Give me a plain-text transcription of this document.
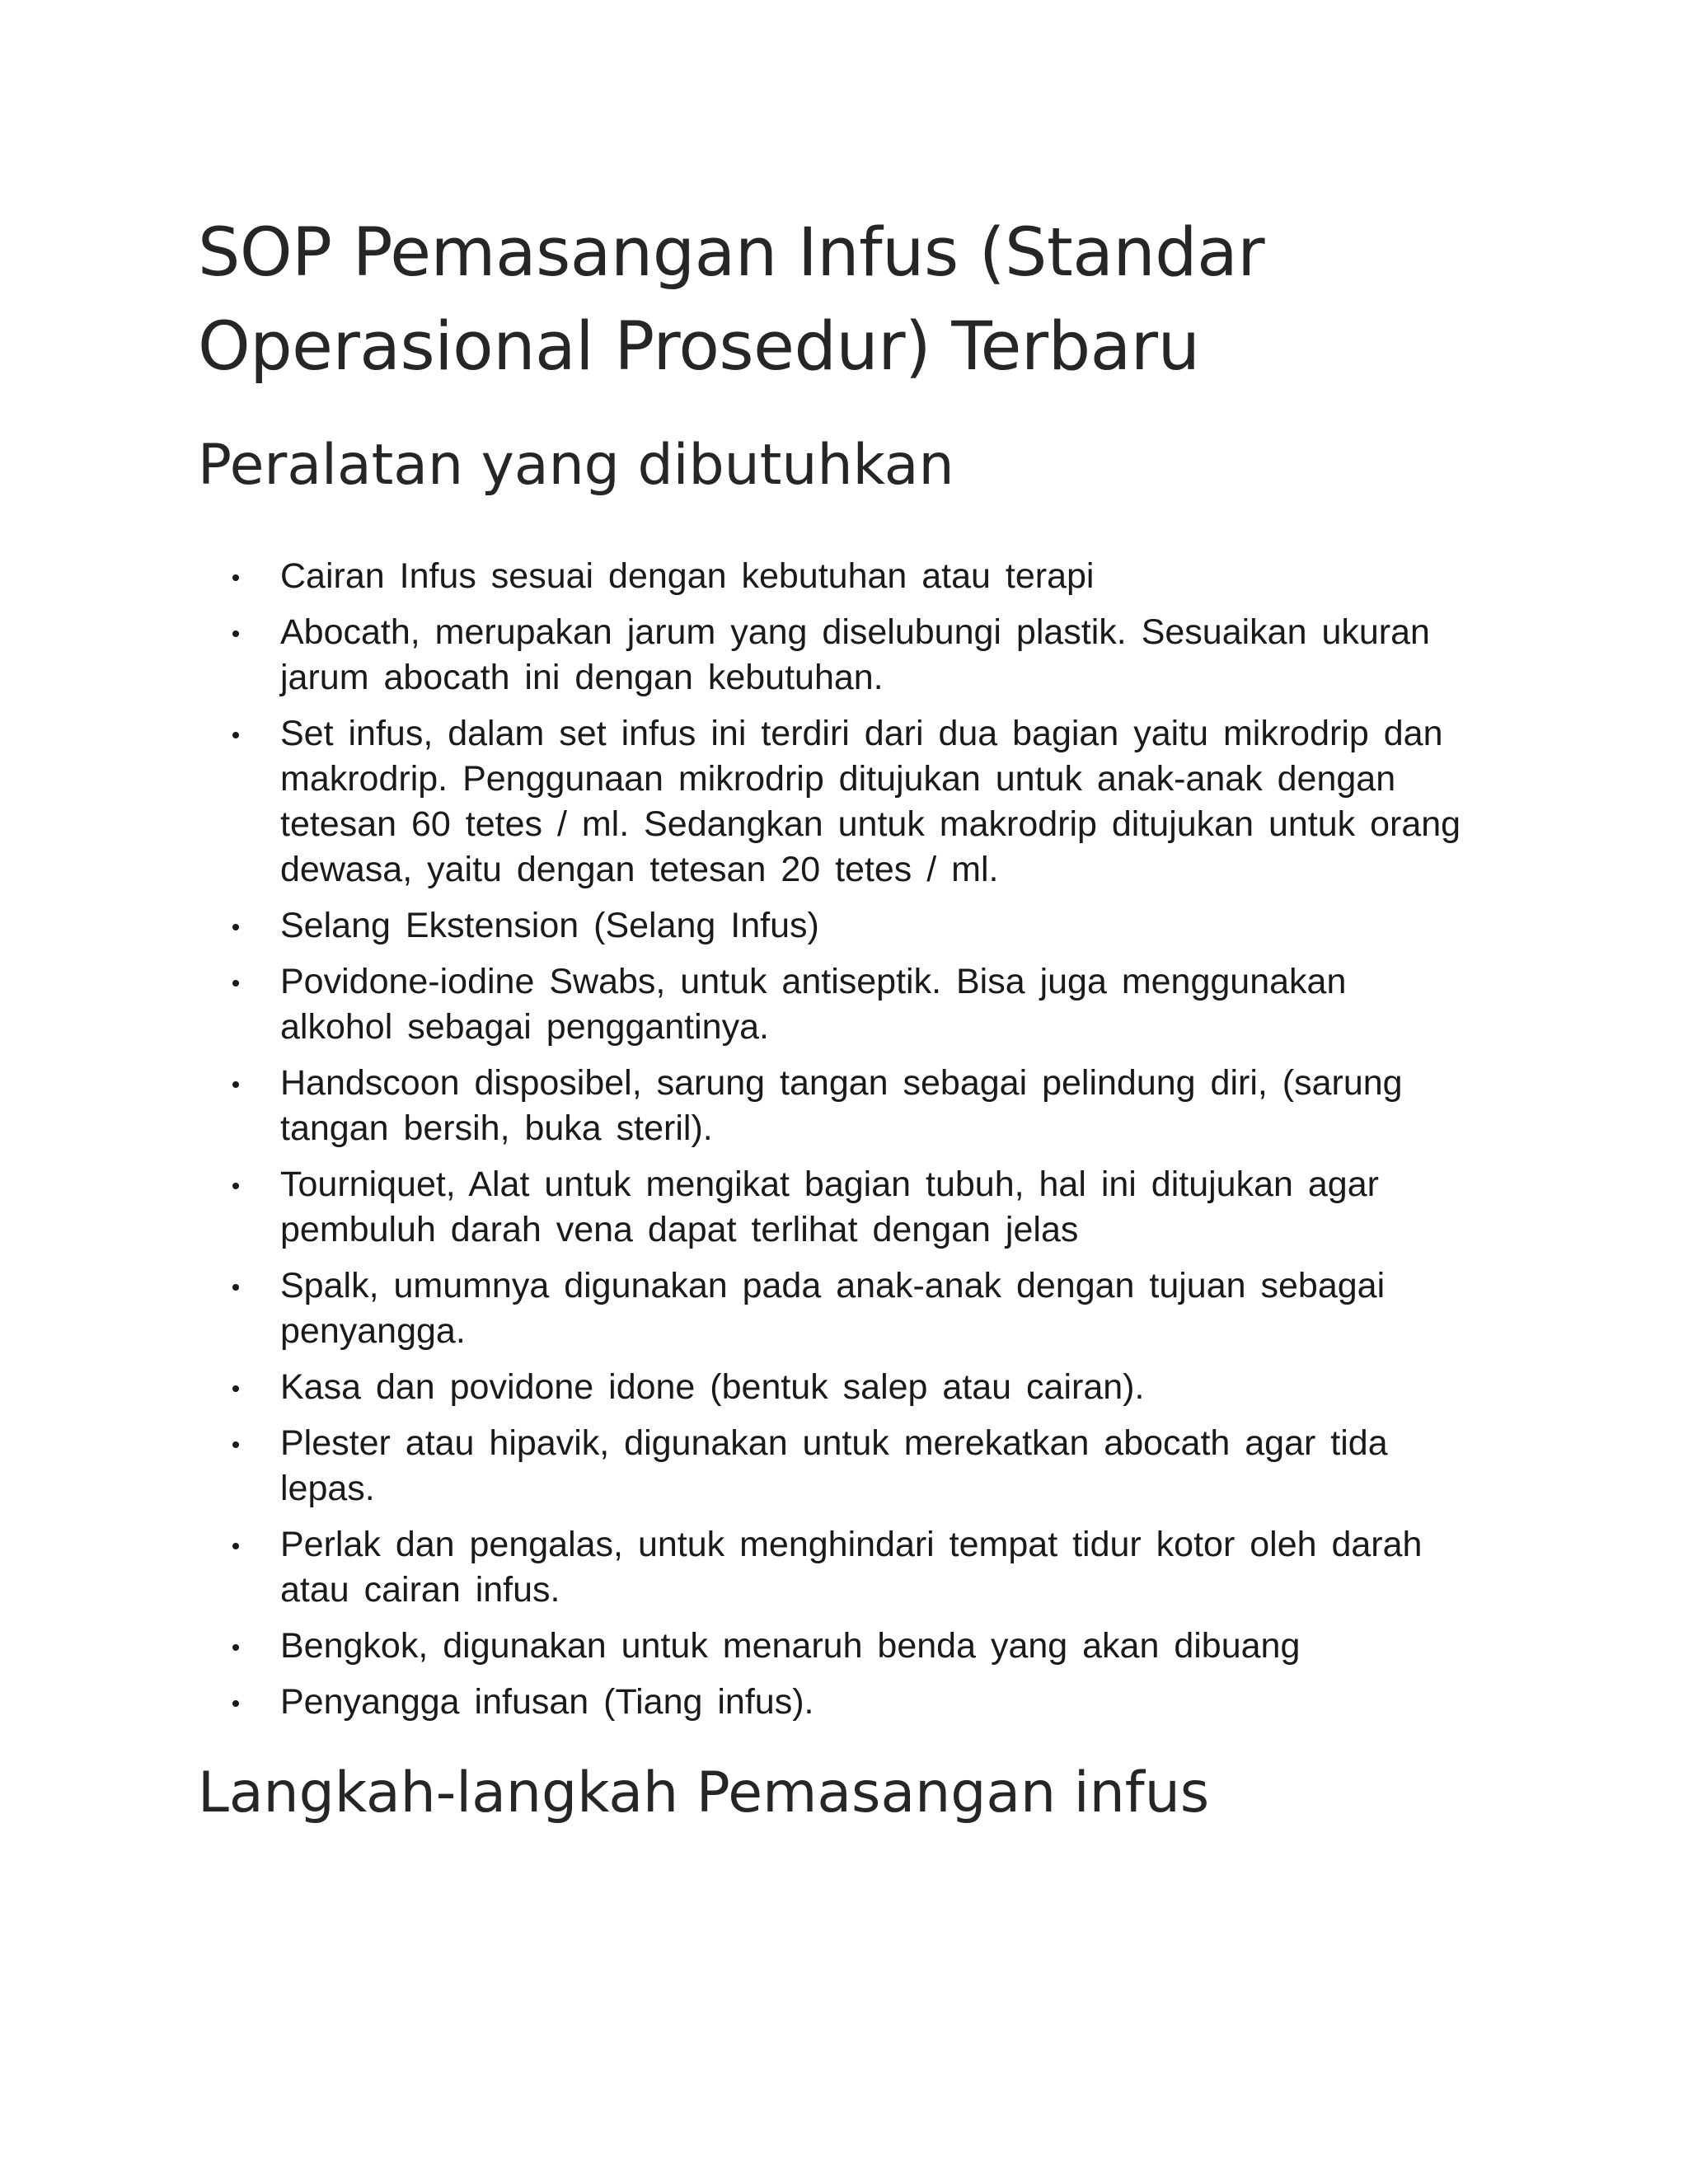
SOP Pemasangan Infus (Standar Operasional Prosedur) Terbaru
Peralatan yang dibutuhkan
Cairan Infus sesuai dengan kebutuhan atau terapi
Abocath, merupakan jarum yang diselubungi plastik. Sesuaikan ukuran jarum abocath ini dengan kebutuhan.
Set infus, dalam set infus ini terdiri dari dua bagian yaitu mikrodrip dan makrodrip. Penggunaan mikrodrip ditujukan untuk anak-anak dengan tetesan 60 tetes / ml. Sedangkan untuk makrodrip ditujukan untuk orang dewasa, yaitu dengan tetesan 20 tetes / ml.
Selang Ekstension (Selang Infus)
Povidone-iodine Swabs, untuk antiseptik. Bisa juga menggunakan alkohol sebagai penggantinya.
Handscoon disposibel, sarung tangan sebagai pelindung diri, (sarung tangan bersih, buka steril).
Tourniquet, Alat untuk mengikat bagian tubuh, hal ini ditujukan agar pembuluh darah vena dapat terlihat dengan jelas
Spalk, umumnya digunakan pada anak-anak dengan tujuan sebagai penyangga.
Kasa dan povidone idone (bentuk salep atau cairan).
Plester atau hipavik, digunakan untuk merekatkan abocath agar tida lepas.
Perlak dan pengalas, untuk menghindari tempat tidur kotor oleh darah atau cairan infus.
Bengkok, digunakan untuk menaruh benda yang akan dibuang
Penyangga infusan (Tiang infus).
Langkah-langkah Pemasangan infus
